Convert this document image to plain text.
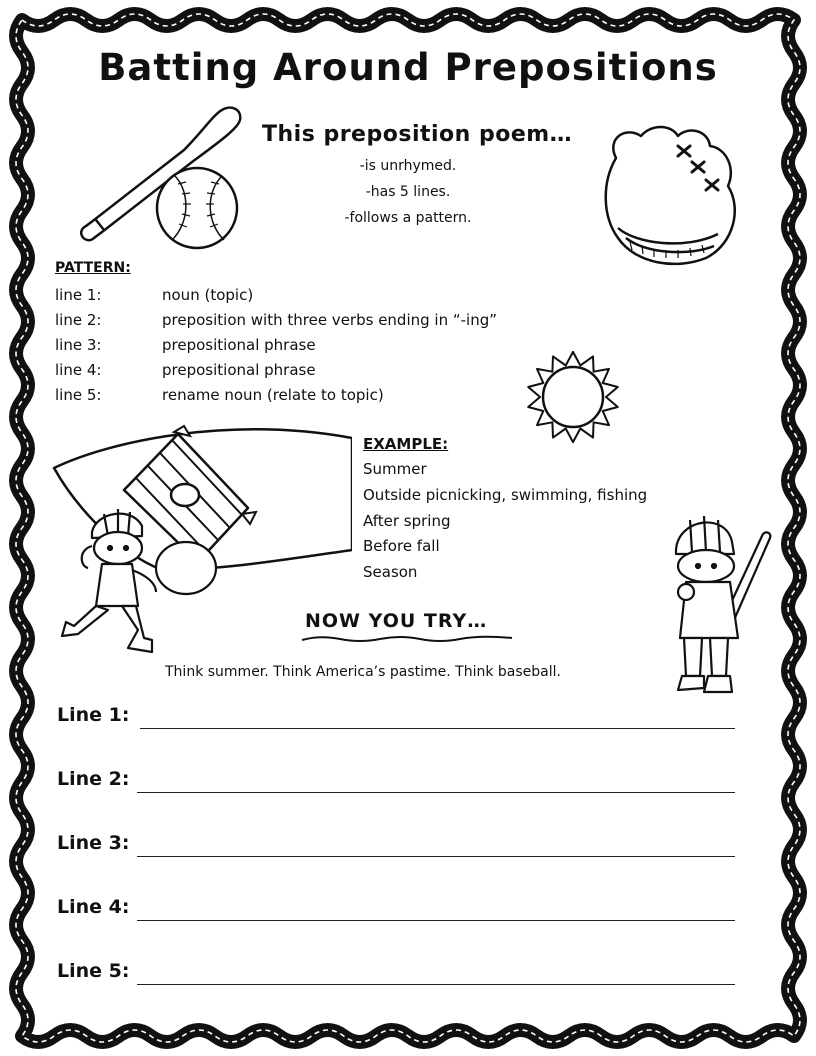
Batting Around Prepositions
This preposition poem…
-is unrhymed.
-has 5 lines.
-follows a pattern.
PATTERN:
line 1:	noun (topic)
line 2:	preposition with three verbs ending in “-ing”
line 3:	prepositional phrase
line 4:	prepositional phrase
line 5:	rename noun (relate to topic)
EXAMPLE:
Summer
Outside picnicking, swimming, fishing
After spring
Before fall
Season
NOW YOU TRY…
Think summer. Think America’s pastime. Think baseball.
Line 1:
Line 2:
Line 3:
Line 4:
Line 5:
